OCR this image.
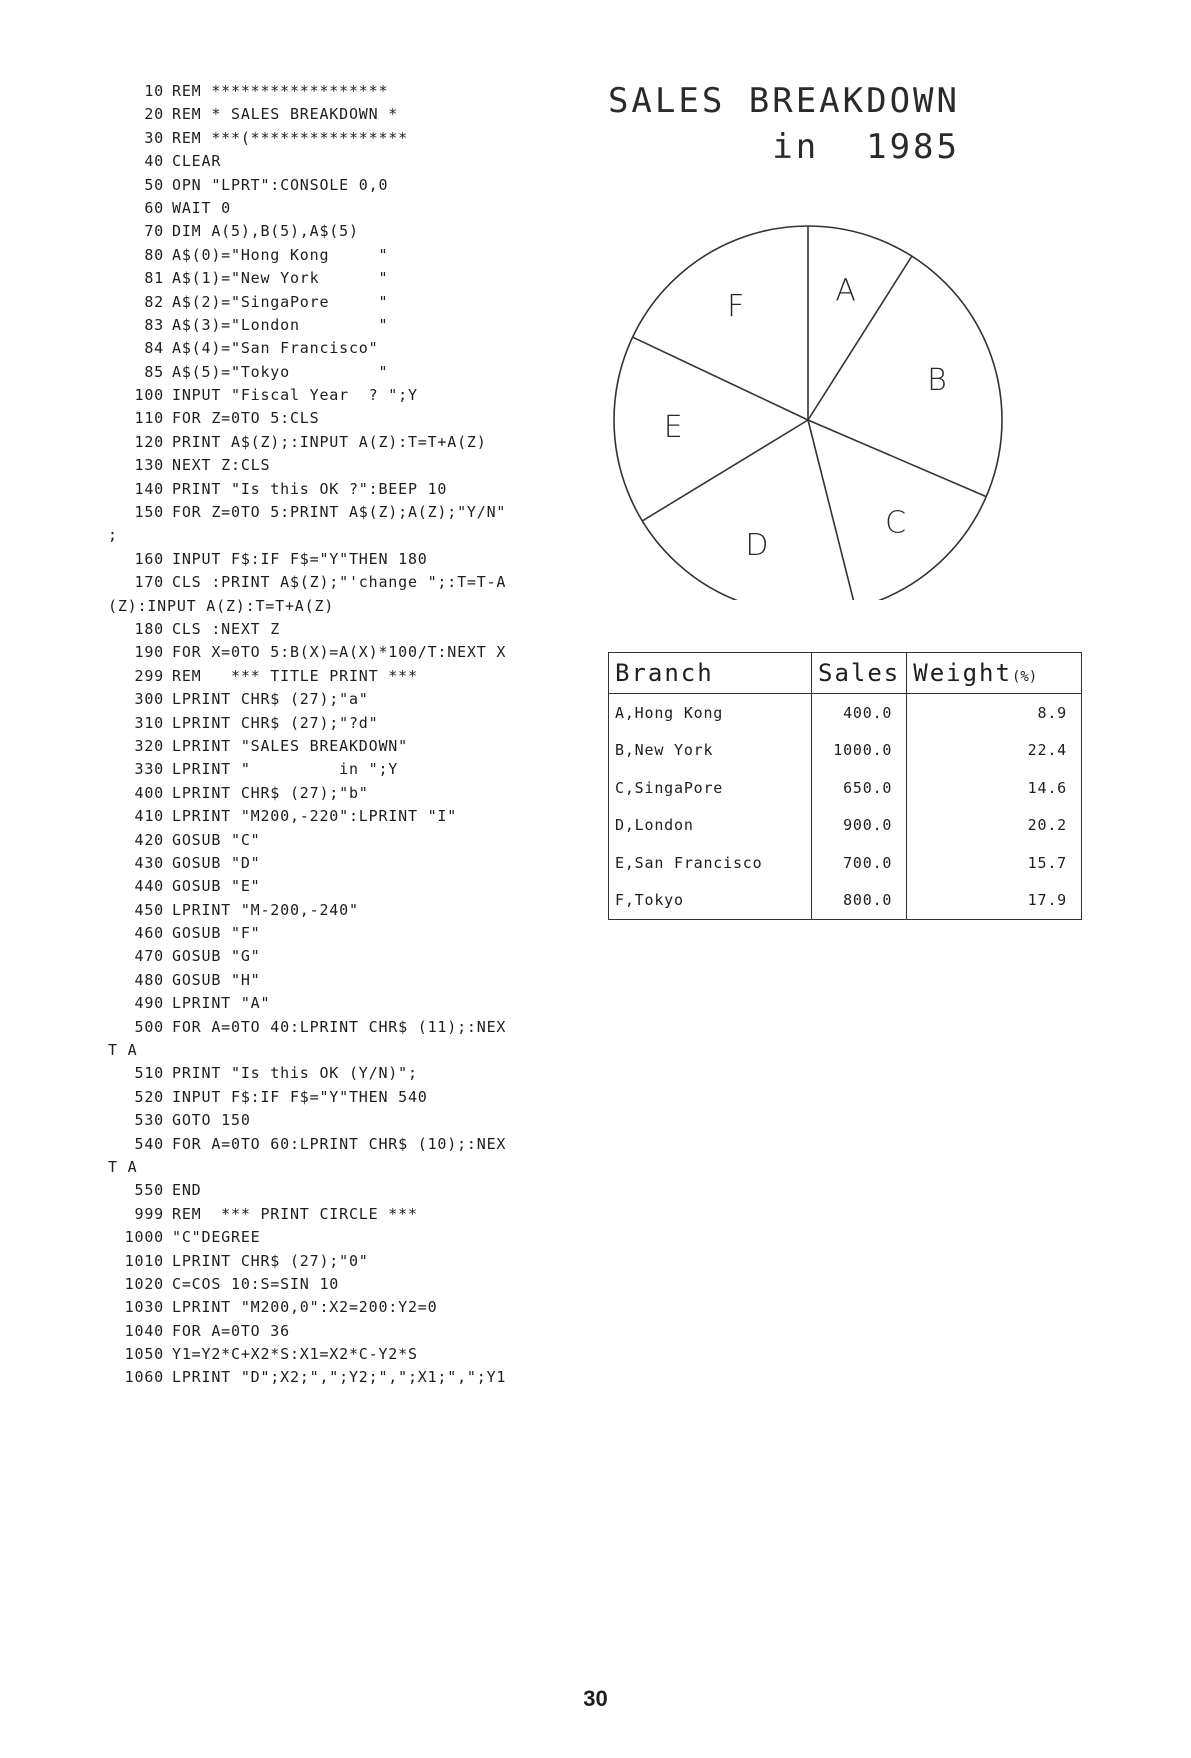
10 REM ******************
20 REM * SALES BREAKDOWN *
30 REM ***(****************
40 CLEAR
50 OPN "LPRT":CONSOLE 0,0
60 WAIT 0
70 DIM A(5),B(5),A$(5)
80 A$(0)="Hong Kong     "
81 A$(1)="New York      "
82 A$(2)="SingaPore     "
83 A$(3)="London        "
84 A$(4)="San Francisco"
85 A$(5)="Tokyo         "
100 INPUT "Fiscal Year  ? ";Y
110 FOR Z=0TO 5:CLS
120 PRINT A$(Z);:INPUT A(Z):T=T+A(Z)
130 NEXT Z:CLS
140 PRINT "Is this OK ?":BEEP 10
150 FOR Z=0TO 5:PRINT A$(Z);A(Z);"Y/N"
;
160 INPUT F$:IF F$="Y"THEN 180
170 CLS :PRINT A$(Z);"'change ";:T=T-A
(Z):INPUT A(Z):T=T+A(Z)
180 CLS :NEXT Z
190 FOR X=0TO 5:B(X)=A(X)*100/T:NEXT X
299 REM   *** TITLE PRINT ***
300 LPRINT CHR$ (27);"a"
310 LPRINT CHR$ (27);"?d"
320 LPRINT "SALES BREAKDOWN"
330 LPRINT "         in ";Y
400 LPRINT CHR$ (27);"b"
410 LPRINT "M200,-220":LPRINT "I"
420 GOSUB "C"
430 GOSUB "D"
440 GOSUB "E"
450 LPRINT "M-200,-240"
460 GOSUB "F"
470 GOSUB "G"
480 GOSUB "H"
490 LPRINT "A"
500 FOR A=0TO 40:LPRINT CHR$ (11);:NEX
T A
510 PRINT "Is this OK (Y/N)";
520 INPUT F$:IF F$="Y"THEN 540
530 GOTO 150
540 FOR A=0TO 60:LPRINT CHR$ (10);:NEX
T A
550 END
999 REM  *** PRINT CIRCLE ***
1000 "C"DEGREE
1010 LPRINT CHR$ (27);"0"
1020 C=COS 10:S=SIN 10
1030 LPRINT "M200,0":X2=200:Y2=0
1040 FOR A=0TO 36
1050 Y1=Y2*C+X2*S:X1=X2*C-Y2*S
1060 LPRINT "D";X2;",";Y2;",";X1;",";Y1
SALES BREAKDOWN
in  1985
A
B
C
D
E
F
Branch	Sales	Weight(%)
A,Hong Kong	400.0	8.9
B,New York	1000.0	22.4
C,SingaPore	650.0	14.6
D,London	900.0	20.2
E,San Francisco	700.0	15.7
F,Tokyo	800.0	17.9
30
